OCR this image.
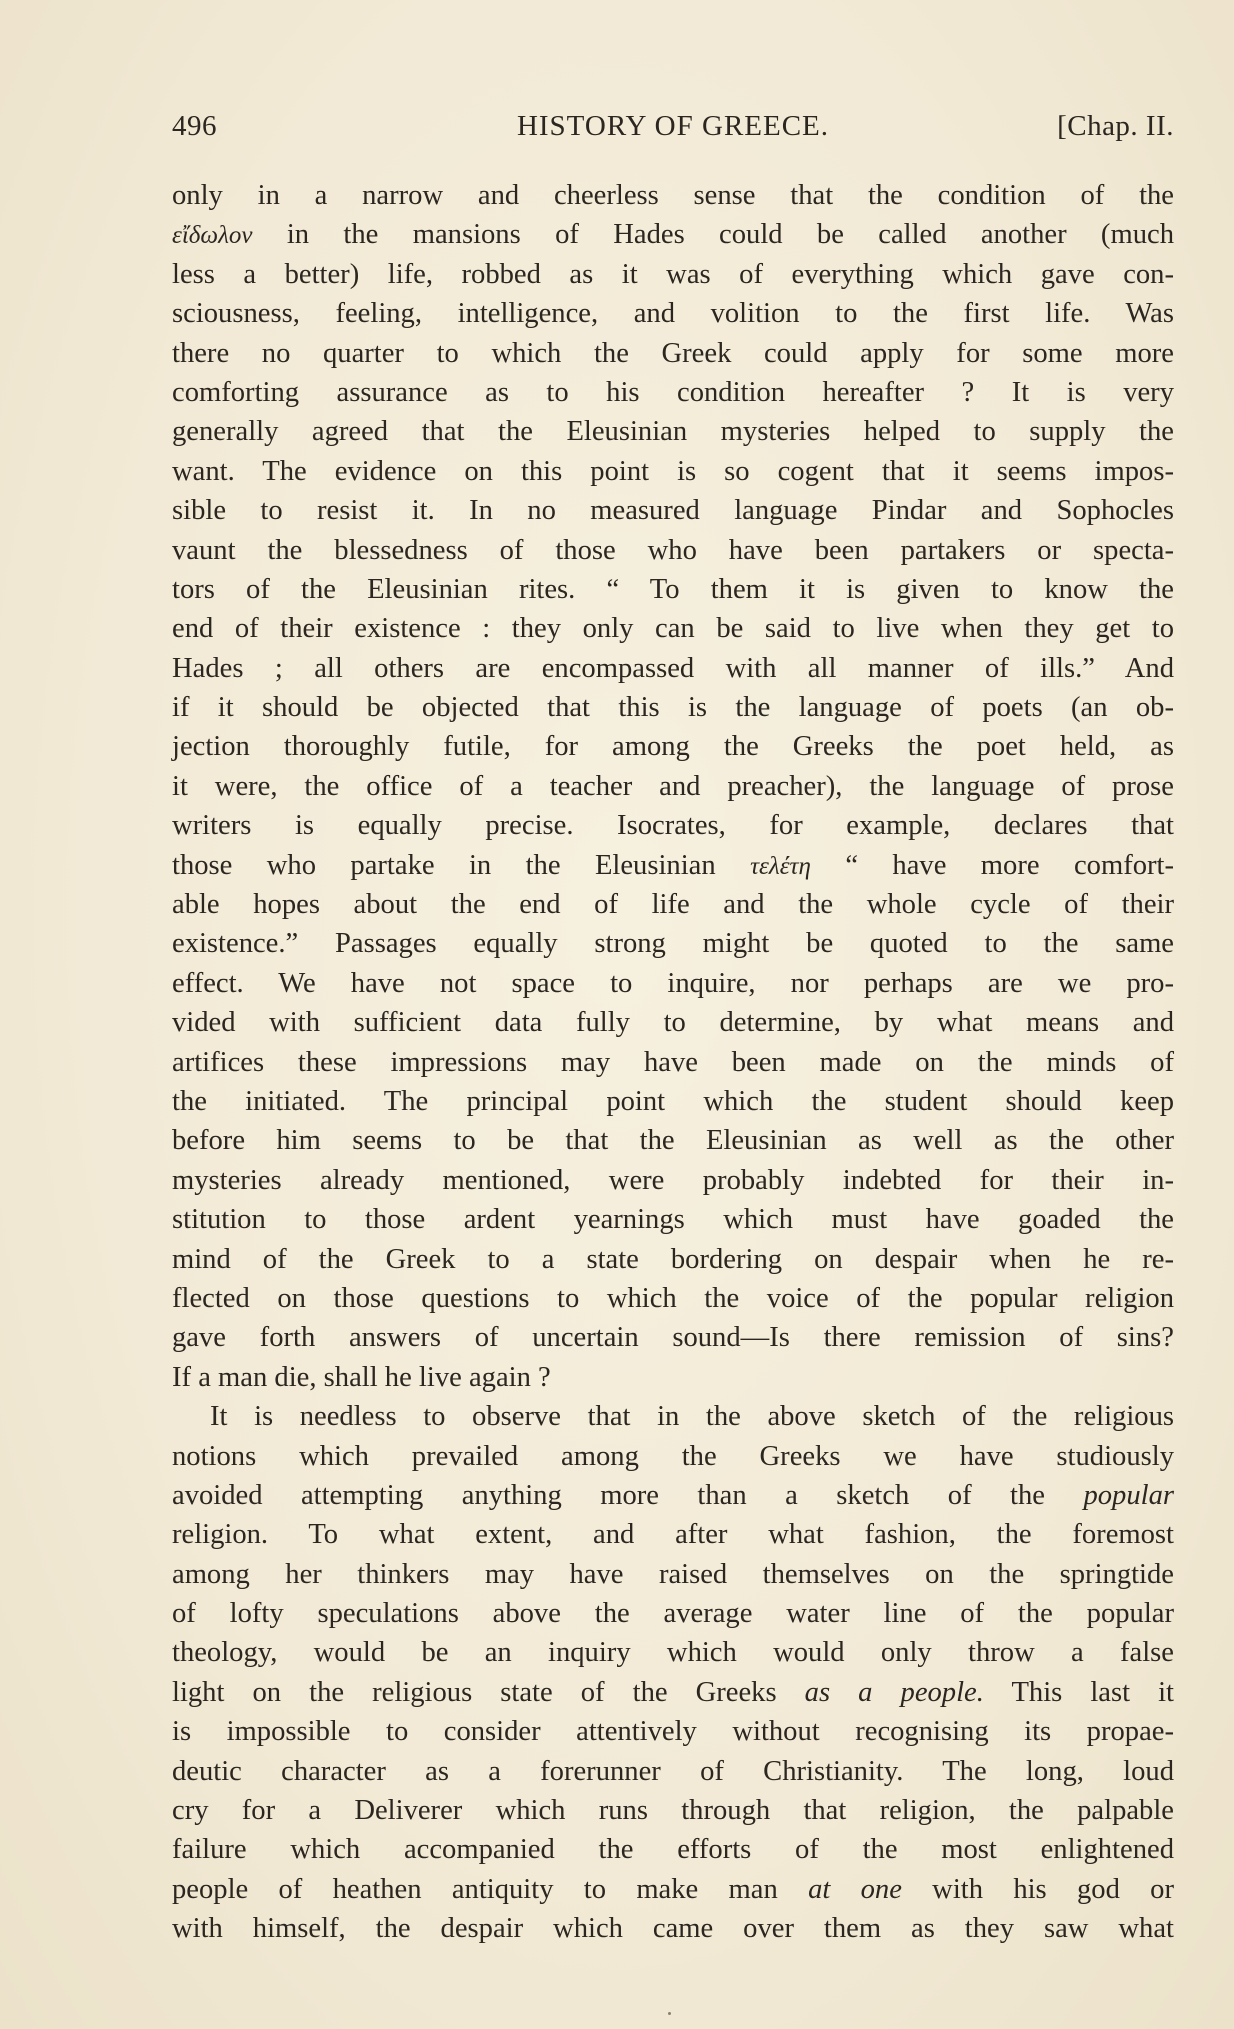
496	HISTORY OF GREECE.	[Chap. II.
only in a narrow and cheerless sense that the condition of the
εἴδωλον in the mansions of Hades could be called another (much
less a better) life, robbed as it was of everything which gave con-
sciousness, feeling, intelligence, and volition to the first life. Was
there no quarter to which the Greek could apply for some more
comforting assurance as to his condition hereafter ? It is very
generally agreed that the Eleusinian mysteries helped to supply the
want. The evidence on this point is so cogent that it seems impos-
sible to resist it. In no measured language Pindar and Sophocles
vaunt the blessedness of those who have been partakers or specta-
tors of the Eleusinian rites. “ To them it is given to know the
end of their existence : they only can be said to live when they get to
Hades ; all others are encompassed with all manner of ills.” And
if it should be objected that this is the language of poets (an ob-
jection thoroughly futile, for among the Greeks the poet held, as
it were, the office of a teacher and preacher), the language of prose
writers is equally precise. Isocrates, for example, declares that
those who partake in the Eleusinian τελέτη “ have more comfort-
able hopes about the end of life and the whole cycle of their
existence.” Passages equally strong might be quoted to the same
effect. We have not space to inquire, nor perhaps are we pro-
vided with sufficient data fully to determine, by what means and
artifices these impressions may have been made on the minds of
the initiated. The principal point which the student should keep
before him seems to be that the Eleusinian as well as the other
mysteries already mentioned, were probably indebted for their in-
stitution to those ardent yearnings which must have goaded the
mind of the Greek to a state bordering on despair when he re-
flected on those questions to which the voice of the popular religion
gave forth answers of uncertain sound—Is there remission of sins?
If a man die, shall he live again ?
It is needless to observe that in the above sketch of the religious
notions which prevailed among the Greeks we have studiously
avoided attempting anything more than a sketch of the popular
religion. To what extent, and after what fashion, the foremost
among her thinkers may have raised themselves on the springtide
of lofty speculations above the average water line of the popular
theology, would be an inquiry which would only throw a false
light on the religious state of the Greeks as a people. This last it
is impossible to consider attentively without recognising its propae-
deutic character as a forerunner of Christianity. The long, loud
cry for a Deliverer which runs through that religion, the palpable
failure which accompanied the efforts of the most enlightened
people of heathen antiquity to make man at one with his god or
with himself, the despair which came over them as they saw what
